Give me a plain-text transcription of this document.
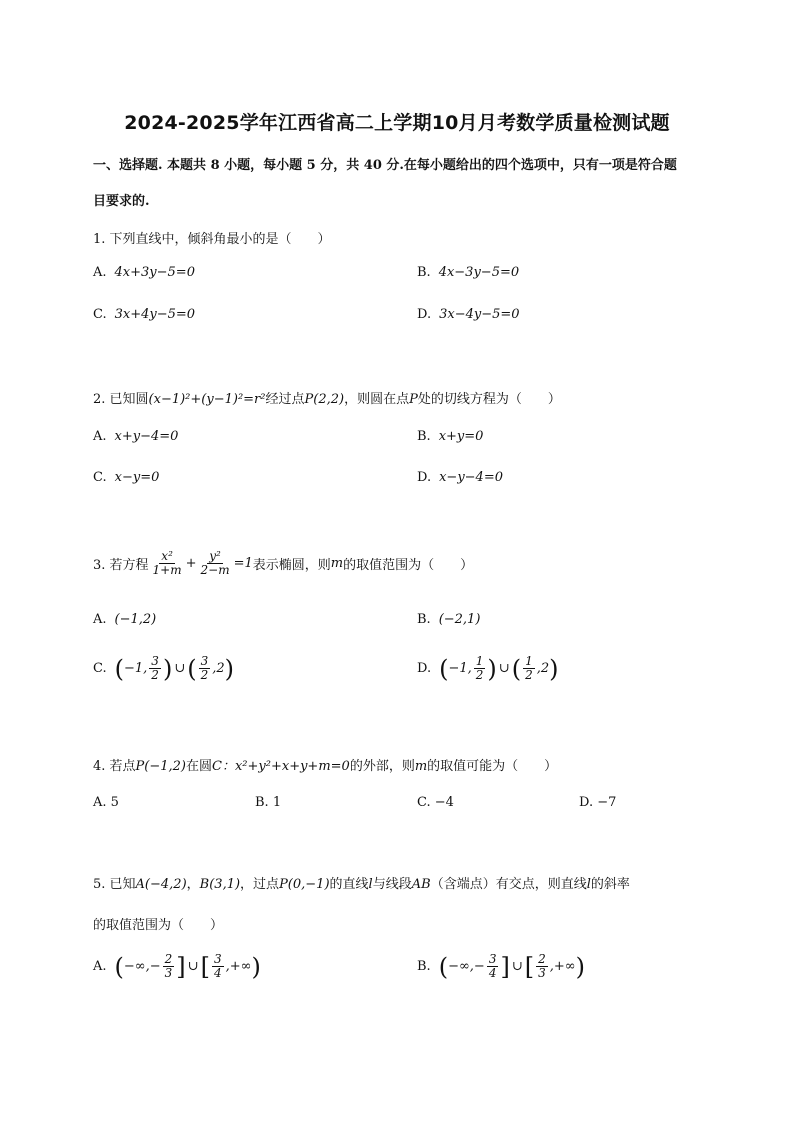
2024-2025学年江西省高二上学期10月月考数学质量检测试题
一、选择题. 本题共 8 小题，每小题 5 分，共 40 分.在每小题给出的四个选项中，只有一项是符合题
目要求的.
1. 下列直线中，倾斜角最小的是（　　）
A. 4x+3y−5=0	B. 4x−3y−5=0
C. 3x+4y−5=0	D. 3x−4y−5=0
2. 已知圆(x−1)²+(y−1)²=r²经过点P(2,2)，则圆在点P处的切线方程为（　　）
A. x+y−4=0	B. x+y=0
C. x−y=0	D. x−y−4=0
3. 若方程 $\frac{\text{x²}}{1+m} + \frac{\text{y²}}{2-m} =1$ 表示椭圆，则 m 的取值范围为（　　）
A. (−1,2)	B. (−2,1)
C. ( −1, $\frac{3}{2}$ ) ∪ ( $\frac{3}{2} ,2$ )	D. ( −1, $\frac{1}{2}$ ) ∪ ( $\frac{1}{2} ,2$ )
4. 若点P(−1,2)在圆C：x²+y²+x+y+m=0的外部，则m的取值可能为（　　）
A. 5	B. 1	C. −4	D. −7
5. 已知A(−4,2)，B(3,1)，过点P(0,−1)的直线l与线段AB（含端点）有交点，则直线l的斜率
的取值范围为（　　）
A. ( −∞,− $\frac{2}{3}$ ] ∪ [ $\frac{3}{4}$ ,+∞ )	B. ( −∞,− $\frac{3}{4}$ ] ∪ [ $\frac{2}{3}$ ,+∞ )
